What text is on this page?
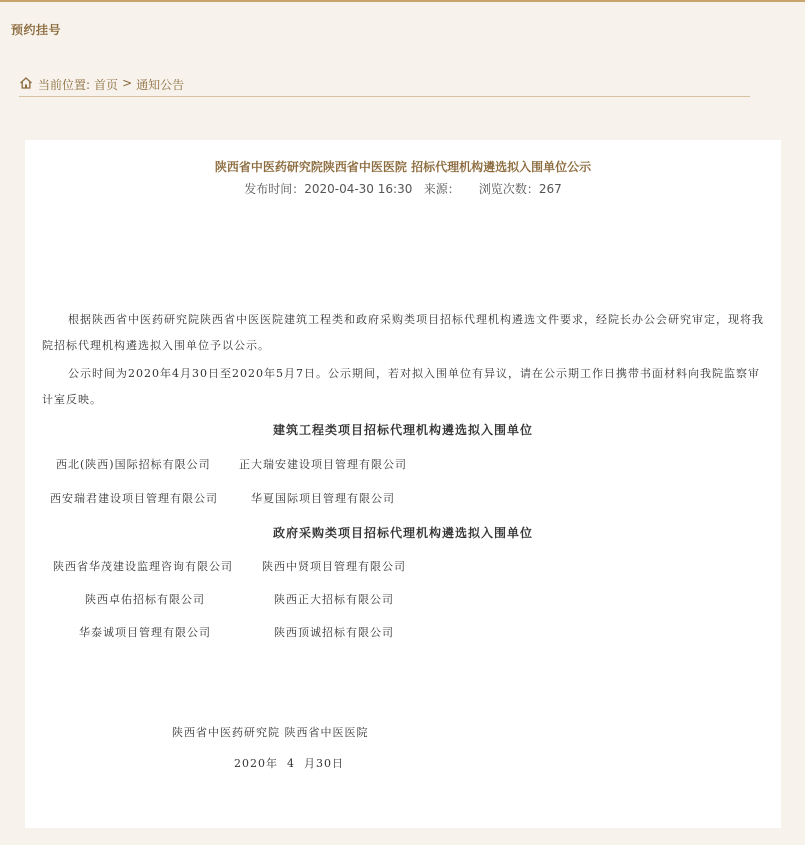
预约挂号
当前位置: 首页 > 通知公告
陕西省中医药研究院陕西省中医医院 招标代理机构遴选拟入围单位公示
发布时间：2020-04-30 16:30 来源： 浏览次数：267
根据陕西省中医药研究院陕西省中医医院建筑工程类和政府采购类项目招标代理机构遴选文件要求，经院长办公会研究审定，现将我院招标代理机构遴选拟入围单位予以公示。
公示时间为2020年4月30日至2020年5月7日。公示期间，若对拟入围单位有异议，请在公示期工作日携带书面材料向我院监察审计室反映。
建筑工程类项目招标代理机构遴选拟入围单位
西北(陕西)国际招标有限公司	正大瑞安建设项目管理有限公司
西安瑞君建设项目管理有限公司	华夏国际项目管理有限公司
政府采购类项目招标代理机构遴选拟入围单位
陕西省华茂建设监理咨询有限公司	陕西中贤项目管理有限公司
陕西卓佑招标有限公司	陕西正大招标有限公司
华泰诚项目管理有限公司	陕西顶诚招标有限公司
陕西省中医药研究院 陕西省中医医院
2020年  4  月30日
